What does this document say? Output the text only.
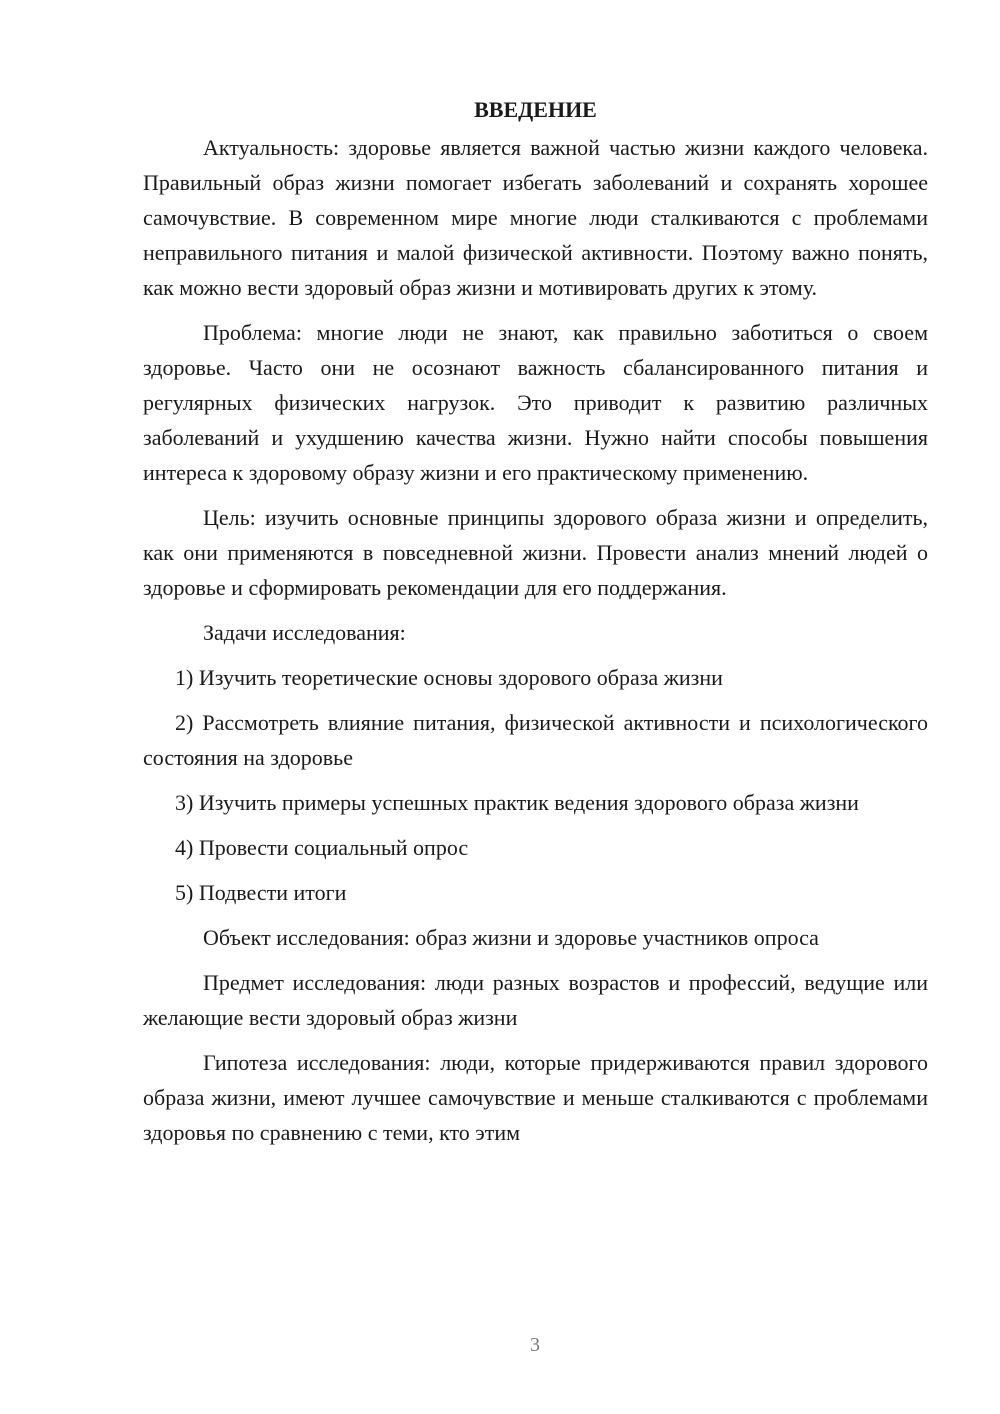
ВВЕДЕНИЕ

Актуальность: здоровье является важной частью жизни каждого человека. Правильный образ жизни помогает избегать заболеваний и сохранять хорошее самочувствие. В современном мире многие люди сталкиваются с проблемами неправильного питания и малой физической активности. Поэтому важно понять, как можно вести здоровый образ жизни и мотивировать других к этому.

Проблема: многие люди не знают, как правильно заботиться о своем здоровье. Часто они не осознают важность сбалансированного питания и регулярных физических нагрузок. Это приводит к развитию различных заболеваний и ухудшению качества жизни. Нужно найти способы повышения интереса к здоровому образу жизни и его практическому применению.

Цель: изучить основные принципы здорового образа жизни и определить, как они применяются в повседневной жизни. Провести анализ мнений людей о здоровье и сформировать рекомендации для его поддержания.

Задачи исследования:

1) Изучить теоретические основы здорового образа жизни

2) Рассмотреть влияние питания, физической активности и психологического состояния на здоровье

3) Изучить примеры успешных практик ведения здорового образа жизни

4) Провести социальный опрос

5) Подвести итоги

Объект исследования: образ жизни и здоровье участников опроса

Предмет исследования: люди разных возрастов и профессий, ведущие или желающие вести здоровый образ жизни

Гипотеза исследования: люди, которые придерживаются правил здорового образа жизни, имеют лучшее самочувствие и меньше сталкиваются с проблемами здоровья по сравнению с теми, кто этим

3
